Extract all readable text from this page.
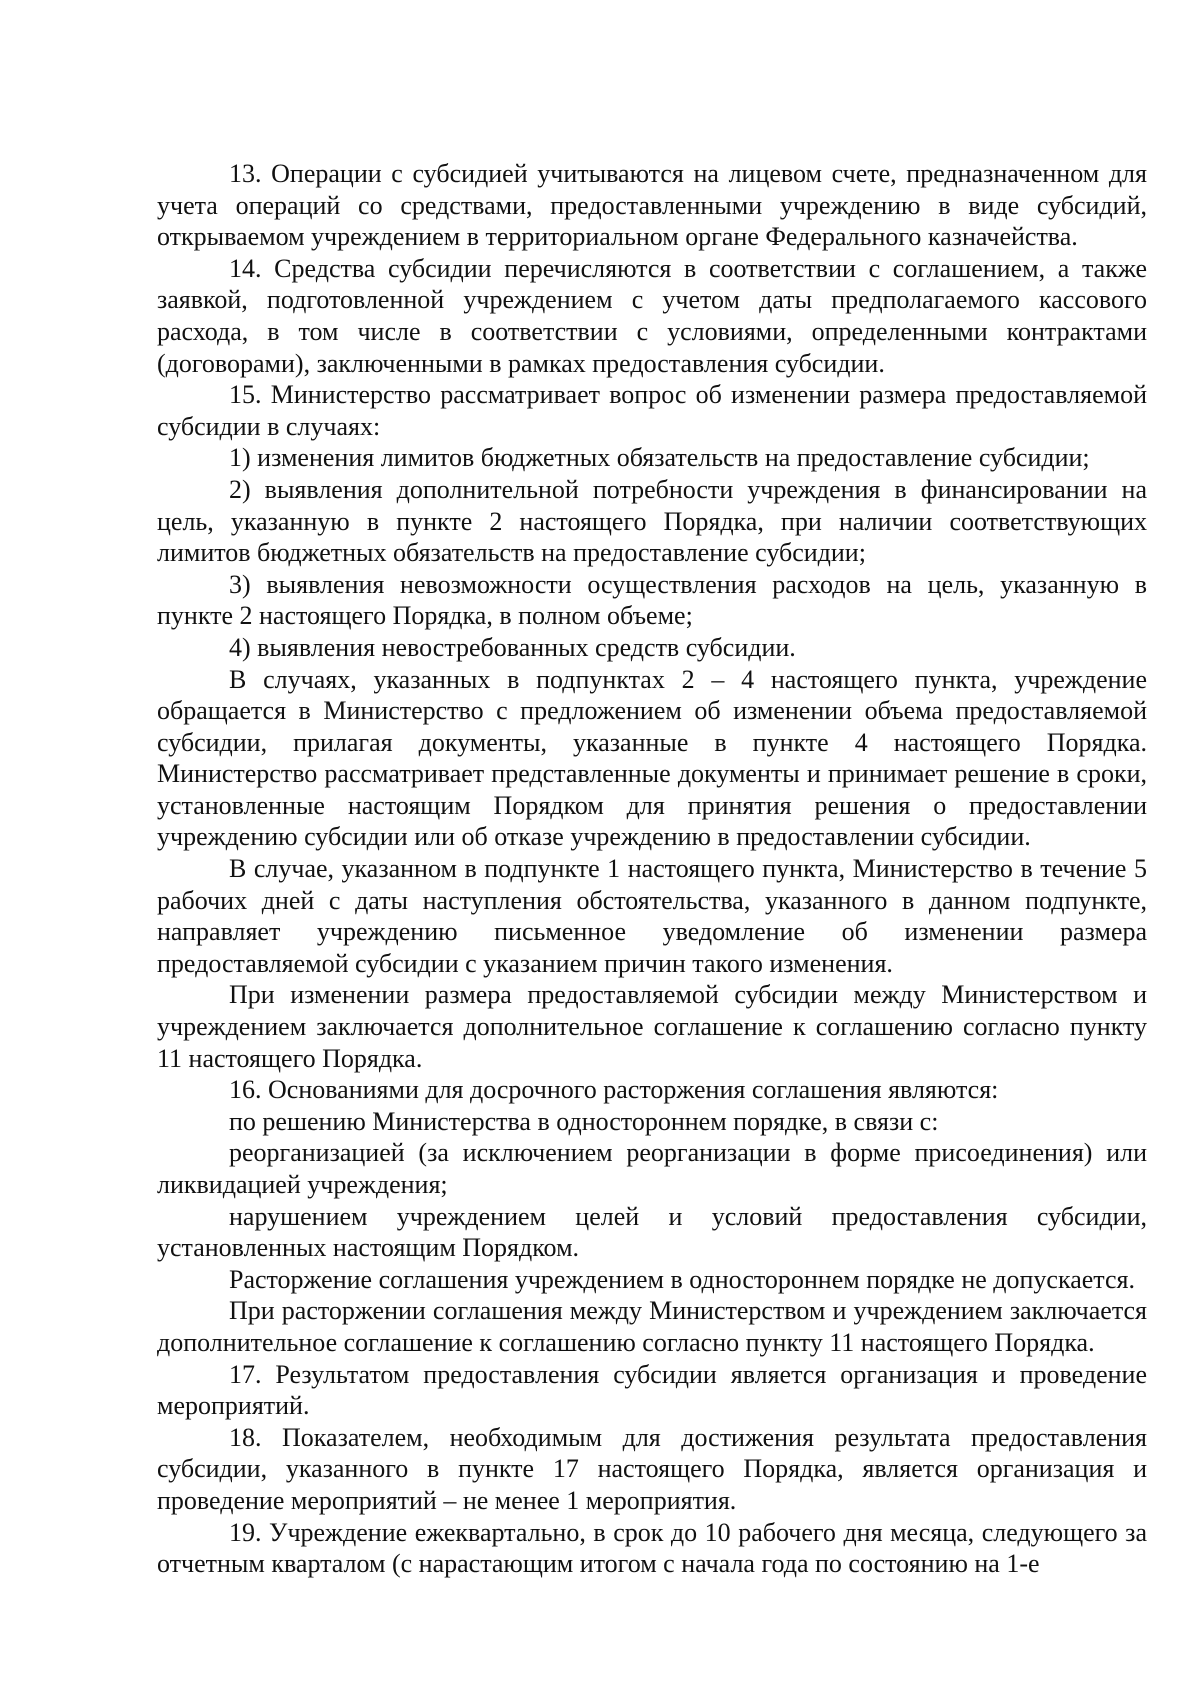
13. Операции с субсидией учитываются на лицевом счете, предназначенном для учета операций со средствами, предоставленными учреждению в виде субсидий, открываемом учреждением в территориальном органе Федерального казначейства.

14. Средства субсидии перечисляются в соответствии с соглашением, а также заявкой, подготовленной учреждением с учетом даты предполагаемого кассового расхода, в том числе в соответствии с условиями, определенными контрактами (договорами), заключенными в рамках предоставления субсидии.

15. Министерство рассматривает вопрос об изменении размера предоставляемой субсидии в случаях:

1) изменения лимитов бюджетных обязательств на предоставление субсидии;

2) выявления дополнительной потребности учреждения в финансировании на цель, указанную в пункте 2 настоящего Порядка, при наличии соответствующих лимитов бюджетных обязательств на предоставление субсидии;

3) выявления невозможности осуществления расходов на цель, указанную в пункте 2 настоящего Порядка, в полном объеме;

4) выявления невостребованных средств субсидии.

В случаях, указанных в подпунктах 2 – 4 настоящего пункта, учреждение обращается в Министерство с предложением об изменении объема предоставляемой субсидии, прилагая документы, указанные в пункте 4 настоящего Порядка. Министерство рассматривает представленные документы и принимает решение в сроки, установленные настоящим Порядком для принятия решения о предоставлении учреждению субсидии или об отказе учреждению в предоставлении субсидии.

В случае, указанном в подпункте 1 настоящего пункта, Министерство в течение 5 рабочих дней с даты наступления обстоятельства, указанного в данном подпункте, направляет учреждению письменное уведомление об изменении размера предоставляемой субсидии с указанием причин такого изменения.

При изменении размера предоставляемой субсидии между Министерством и учреждением заключается дополнительное соглашение к соглашению согласно пункту 11 настоящего Порядка.

16. Основаниями для досрочного расторжения соглашения являются:

по решению Министерства в одностороннем порядке, в связи с:

реорганизацией (за исключением реорганизации в форме присоединения) или ликвидацией учреждения;

нарушением учреждением целей и условий предоставления субсидии, установленных настоящим Порядком.

Расторжение соглашения учреждением в одностороннем порядке не допускается.

При расторжении соглашения между Министерством и учреждением заключается дополнительное соглашение к соглашению согласно пункту 11 настоящего Порядка.

17. Результатом предоставления субсидии является организация и проведение мероприятий.

18. Показателем, необходимым для достижения результата предоставления субсидии, указанного в пункте 17 настоящего Порядка, является организация и проведение мероприятий – не менее 1 мероприятия.

19. Учреждение ежеквартально, в срок до 10 рабочего дня месяца, следующего за отчетным кварталом (с нарастающим итогом с начала года по состоянию на 1-е
